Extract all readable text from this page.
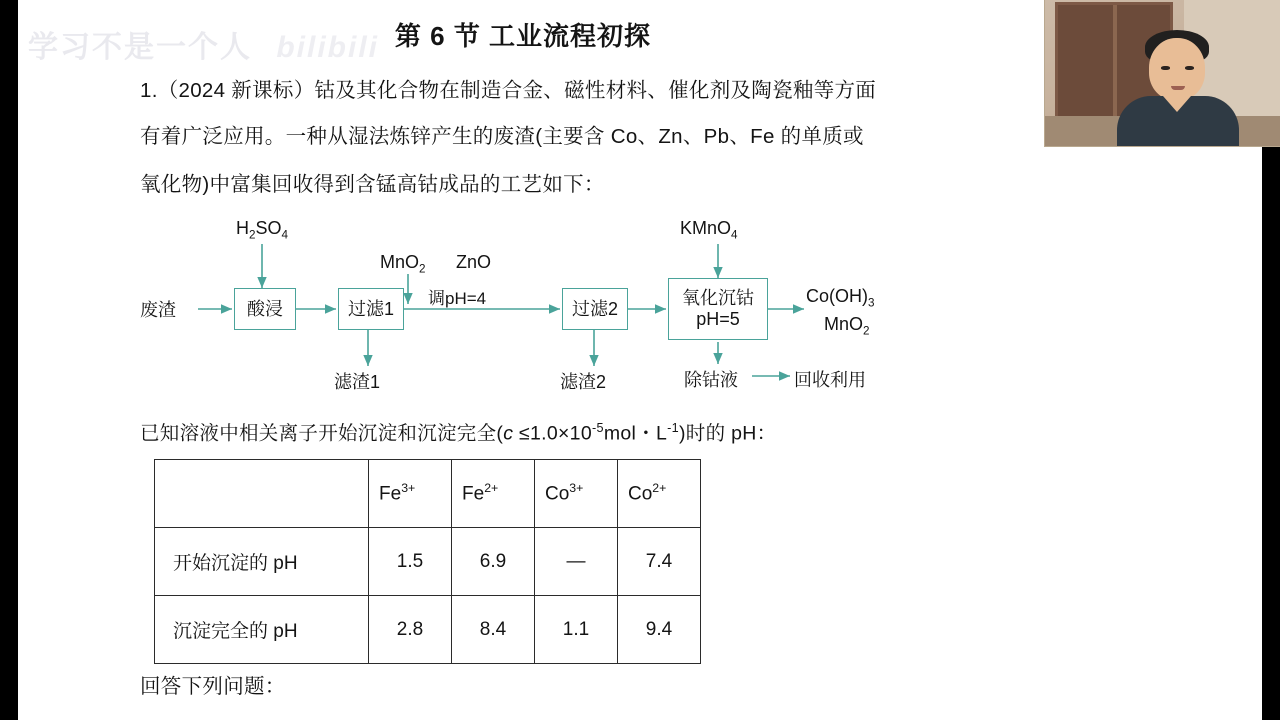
学习不是一个人 bilibili 第 6 节 工业流程初探
1.（2024 新课标）钴及其化合物在制造合金、磁性材料、催化剂及陶瓷釉等方面
有着广泛应用。一种从湿法炼锌产生的废渣(主要含 Co、Zn、Pb、Fe 的单质或
氧化物)中富集回收得到含锰高钴成品的工艺如下：
$H_2SO_4$
MnO$_2$ ZnO
KMnO$_4$
废渣	酸浸	过滤1	过滤2
氧化沉钴
pH=5
调pH=4
滤渣1	滤渣2	除钴液	回收利用
$Co(OH)_3$
MnO$_2$
已知溶液中相关离子开始沉淀和沉淀完全($c \le 1.0\times 10^{-5}mol$・$L^{-1}$)时的 pH：
	$Fe^{3+}$	$Fe^{2+}$	$Co^{3+}$	$Co^{2+}$
开始沉淀的 pH	1.5	6.9	—	7.4
沉淀完全的 pH	2.8	8.4	1.1	9.4
回答下列问题：
